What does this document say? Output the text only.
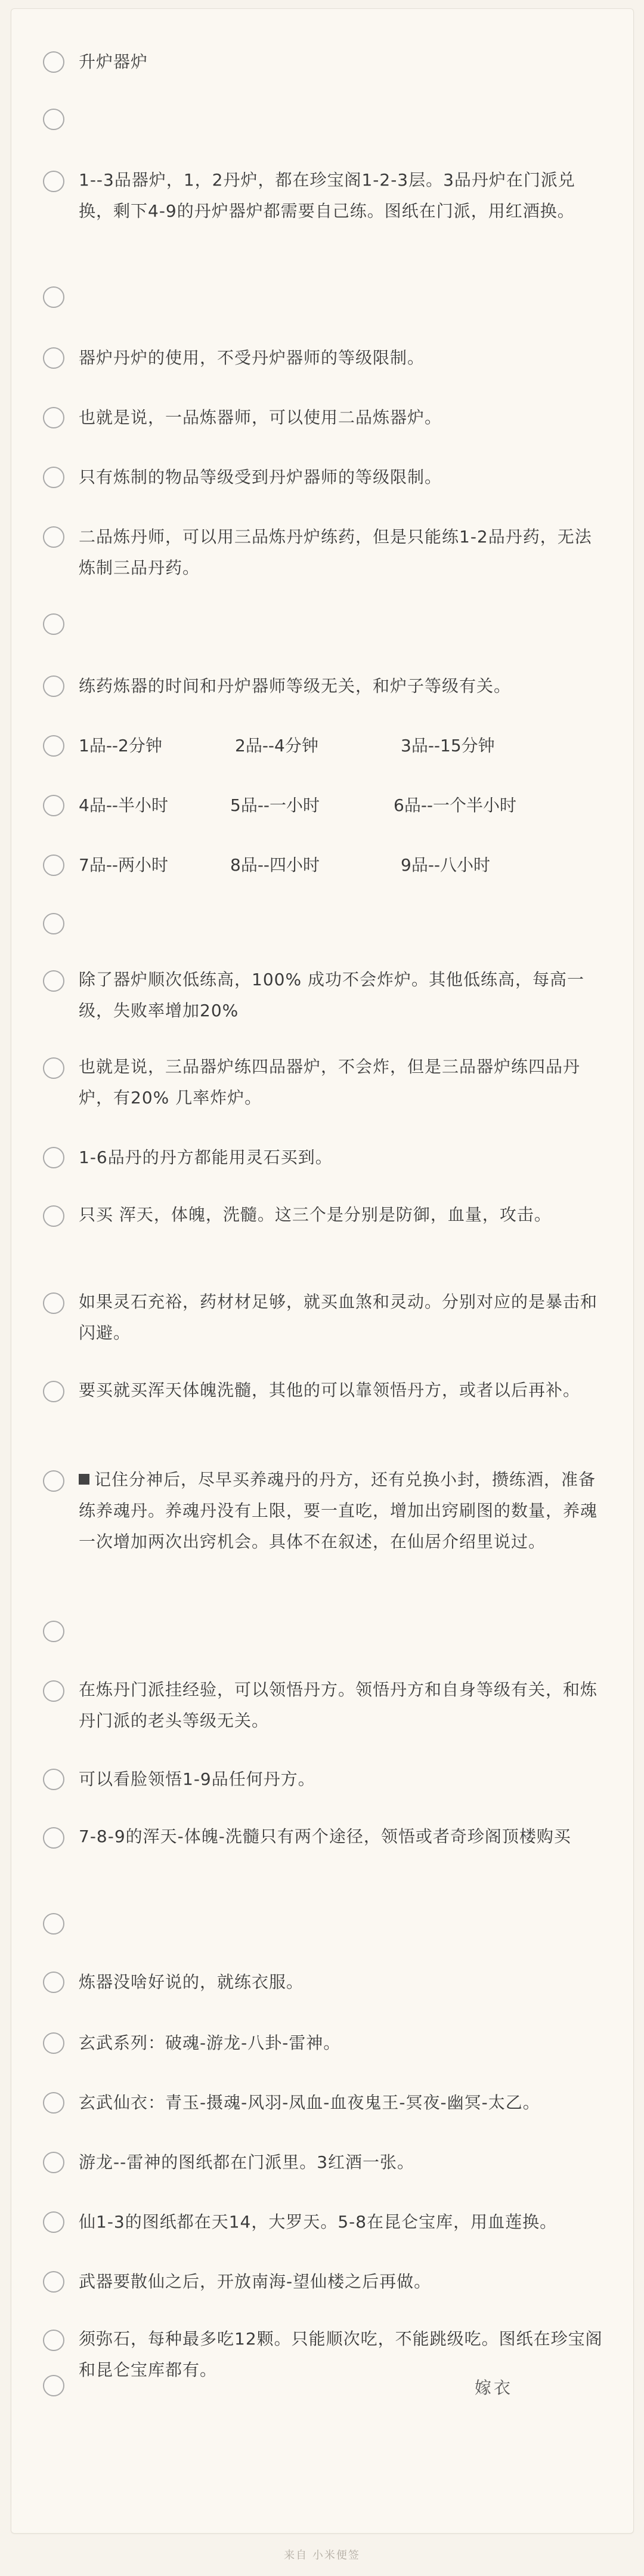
升炉器炉
1--3品器炉，1，2丹炉，都在珍宝阁1-2-3层。3品丹炉在门派兑换，剩下4-9的丹炉器炉都需要自己练。图纸在门派，用红酒换。
器炉丹炉的使用，不受丹炉器师的等级限制。
也就是说，一品炼器师，可以使用二品炼器炉。
只有炼制的物品等级受到丹炉器师的等级限制。
二品炼丹师，可以用三品炼丹炉练药，但是只能练1-2品丹药，无法炼制三品丹药。
练药炼器的时间和丹炉器师等级无关，和炉子等级有关。
1品--2分钟	2品--4分钟	3品--15分钟
4品--半小时	5品--一小时	6品--一个半小时
7品--两小时	8品--四小时	9品--八小时
除了器炉顺次低练高，100% 成功不会炸炉。其他低练高，每高一级，失败率增加20%
也就是说，三品器炉练四品器炉，不会炸，但是三品器炉练四品丹炉，有20% 几率炸炉。
1-6品丹的丹方都能用灵石买到。
只买 浑天，体魄，洗髓。这三个是分别是防御，血量，攻击。
如果灵石充裕，药材材足够，就买血煞和灵动。分别对应的是暴击和闪避。
要买就买浑天体魄洗髓，其他的可以靠领悟丹方，或者以后再补。
记住分神后，尽早买养魂丹的丹方，还有兑换小封，攒练酒，准备练养魂丹。养魂丹没有上限，要一直吃，增加出窍刷图的数量，养魂一次增加两次出窍机会。具体不在叙述，在仙居介绍里说过。
在炼丹门派挂经验，可以领悟丹方。领悟丹方和自身等级有关，和炼丹门派的老头等级无关。
可以看脸领悟1-9品任何丹方。
7-8-9的浑天-体魄-洗髓只有两个途径，领悟或者奇珍阁顶楼购买
炼器没啥好说的，就练衣服。
玄武系列：破魂-游龙-八卦-雷神。
玄武仙衣：青玉-摄魂-风羽-凤血-血夜鬼王-冥夜-幽冥-太乙。
游龙--雷神的图纸都在门派里。3红酒一张。
仙1-3的图纸都在天14，大罗天。5-8在昆仑宝库，用血莲换。
武器要散仙之后，开放南海-望仙楼之后再做。
须弥石，每种最多吃12颗。只能顺次吃，不能跳级吃。图纸在珍宝阁和昆仑宝库都有。
嫁衣
来自 小米便签
